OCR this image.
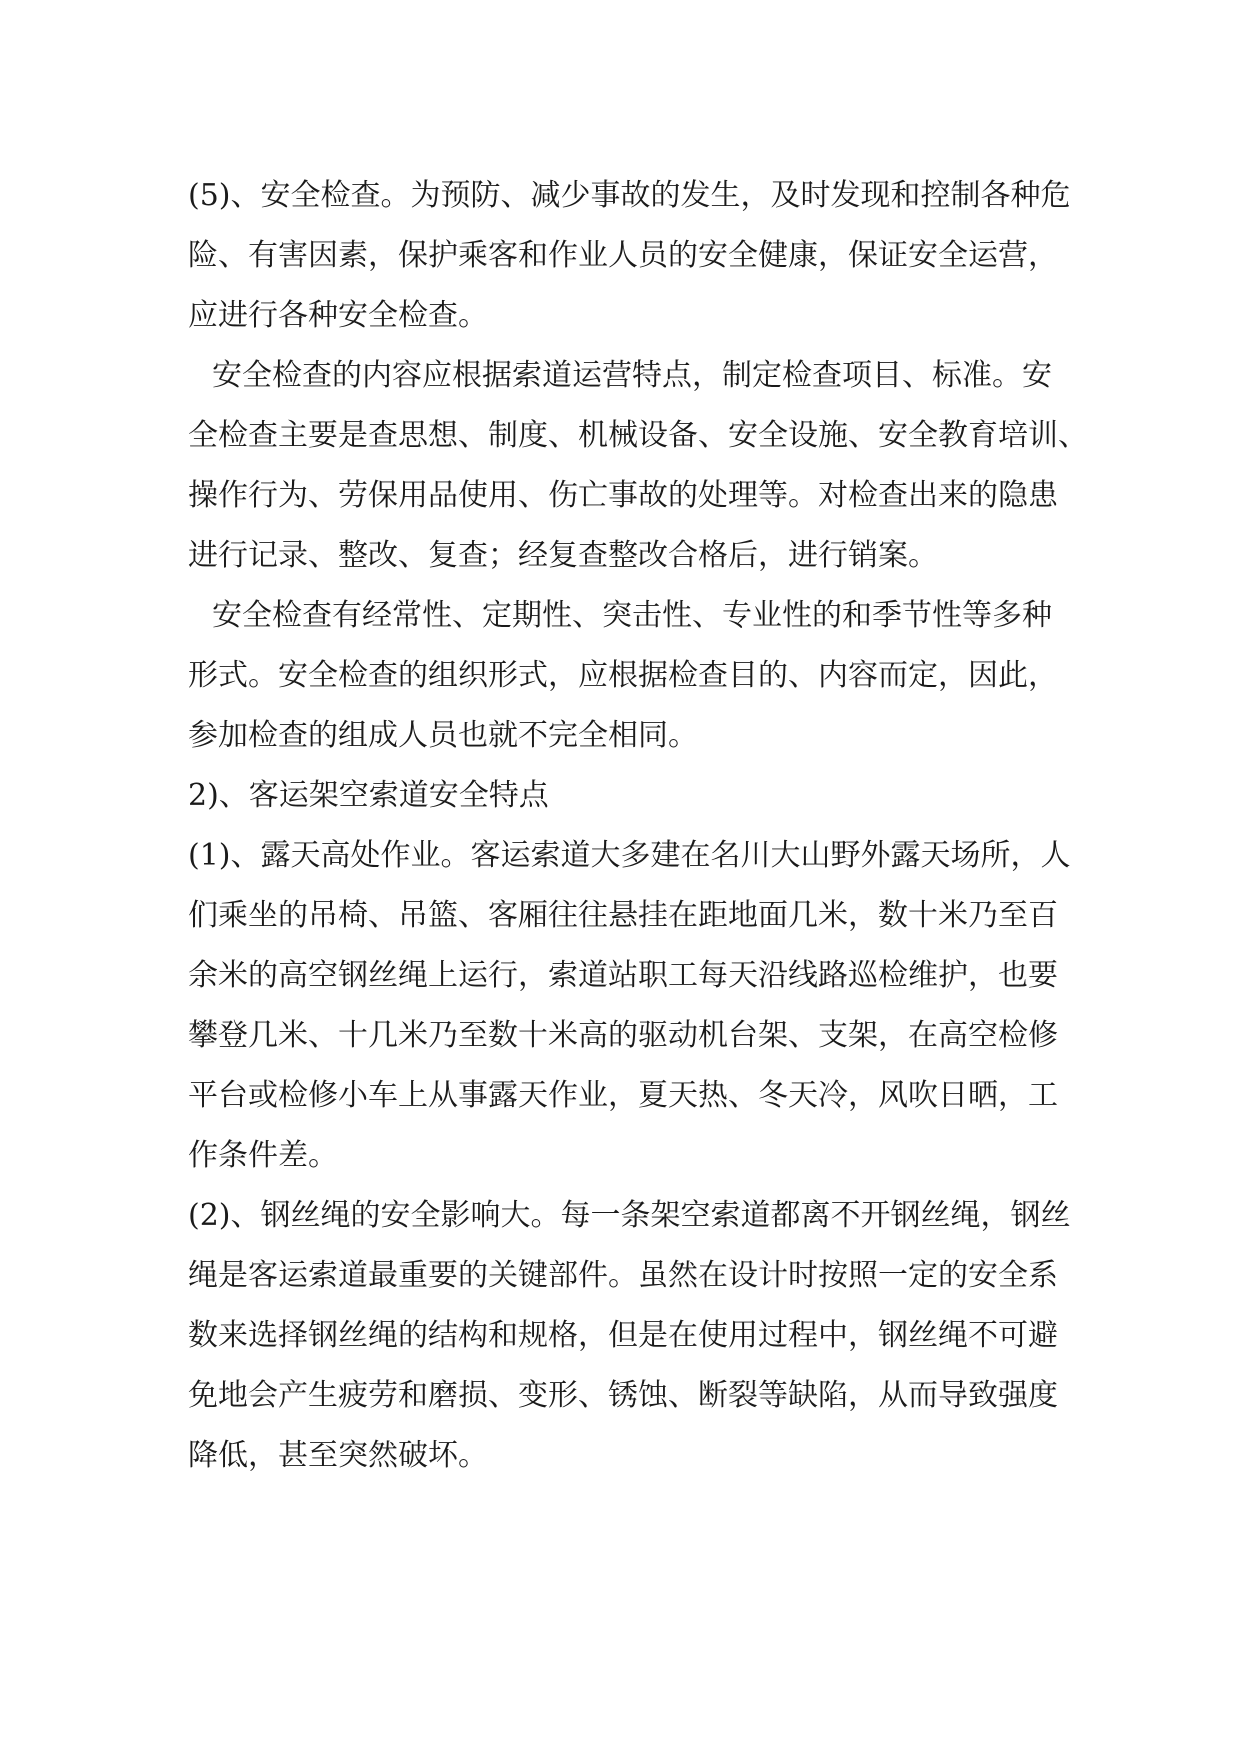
(5)、安全检查。为预防、减少事故的发生，及时发现和控制各种危

险、有害因素，保护乘客和作业人员的安全健康，保证安全运营，

应进行各种安全检查。

安全检查的内容应根据索道运营特点，制定检查项目、标准。安

全检查主要是查思想、制度、机械设备、安全设施、安全教育培训、

操作行为、劳保用品使用、伤亡事故的处理等。对检查出来的隐患

进行记录、整改、复查；经复查整改合格后，进行销案。

安全检查有经常性、定期性、突击性、专业性的和季节性等多种

形式。安全检查的组织形式，应根据检查目的、内容而定，因此，

参加检查的组成人员也就不完全相同。

2)、客运架空索道安全特点

(1)、露天高处作业。客运索道大多建在名川大山野外露天场所，人

们乘坐的吊椅、吊篮、客厢往往悬挂在距地面几米，数十米乃至百

余米的高空钢丝绳上运行，索道站职工每天沿线路巡检维护，也要

攀登几米、十几米乃至数十米高的驱动机台架、支架，在高空检修

平台或检修小车上从事露天作业，夏天热、冬天冷，风吹日晒，工

作条件差。

(2)、钢丝绳的安全影响大。每一条架空索道都离不开钢丝绳，钢丝

绳是客运索道最重要的关键部件。虽然在设计时按照一定的安全系

数来选择钢丝绳的结构和规格，但是在使用过程中，钢丝绳不可避

免地会产生疲劳和磨损、变形、锈蚀、断裂等缺陷，从而导致强度

降低，甚至突然破坏。
